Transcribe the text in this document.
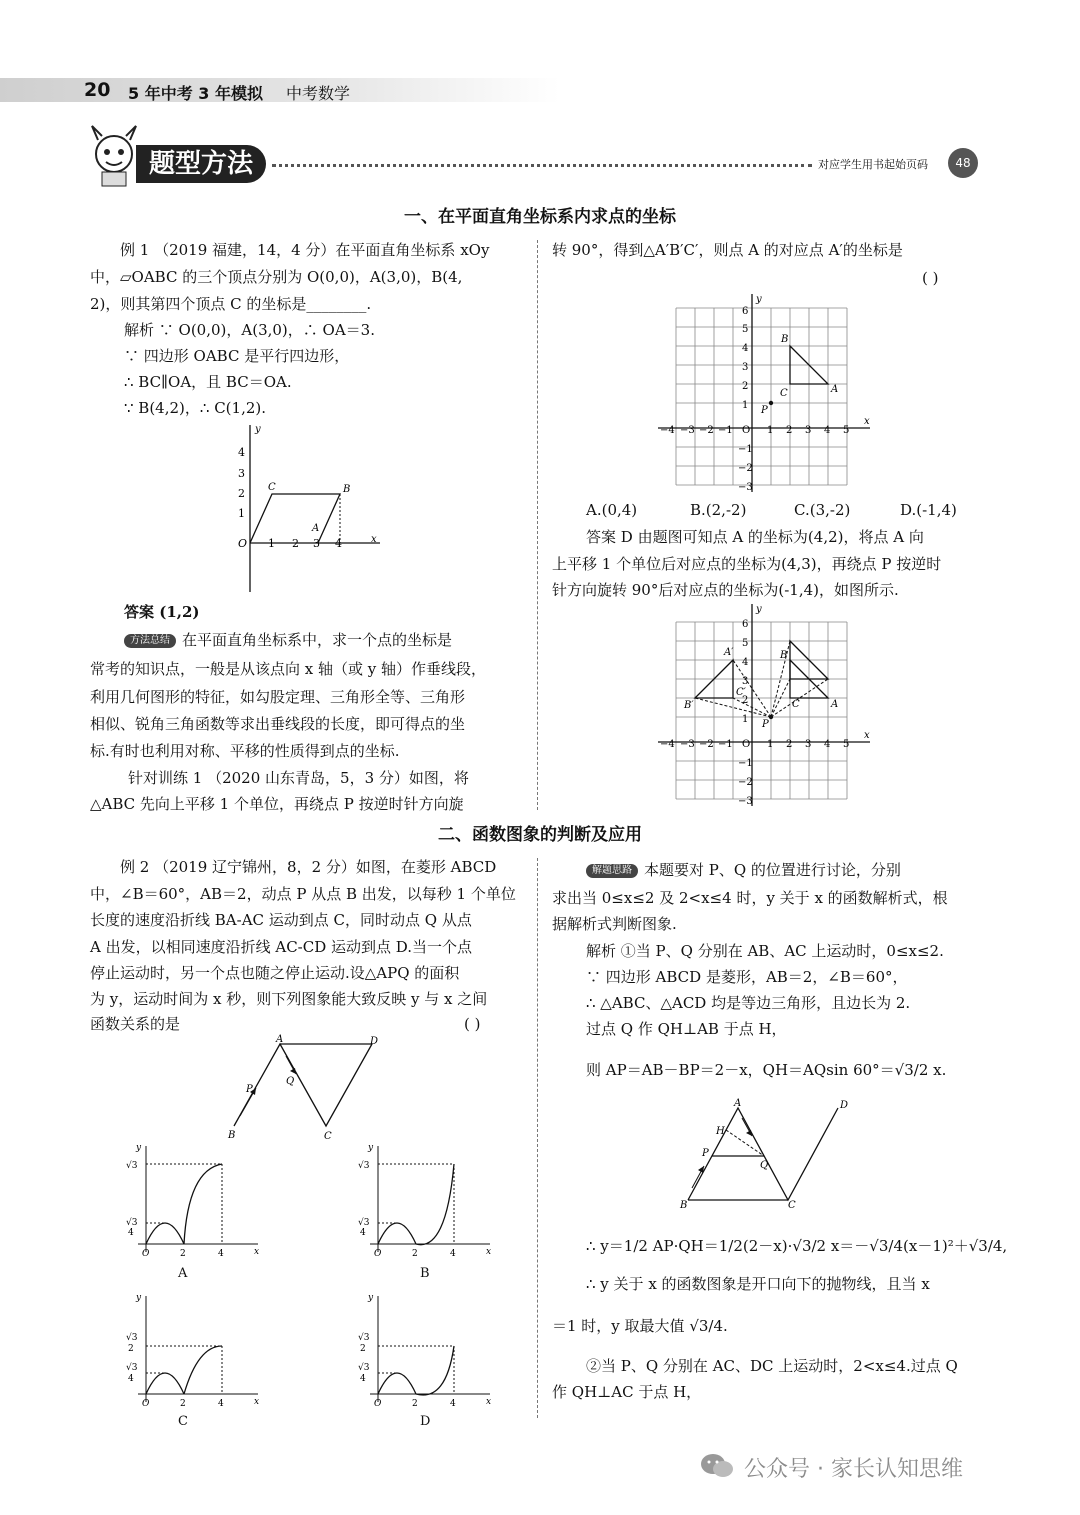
20 5 年中考 3 年模拟 中考数学
题型方法	对应学生用书起始页码	48
一、在平面直角坐标系内求点的坐标
例 1 （2019 福建，14，4 分）在平面直角坐标系 xOy
中，▱OABC 的三个顶点分别为 O(0,0)，A(3,0)，B(4,
2)，则其第四个顶点 C 的坐标是________.
解析 ∵ O(0,0)，A(3,0)，∴ OA＝3.
∵ 四边形 OABC 是平行四边形，
∴ BC∥OA，且 BC＝OA.
∵ B(4,2)，∴ C(1,2).
y
x
4
3
2
1
O 1 2 3 4
C	B
A
答案 (1,2)
方法总结 在平面直角坐标系中，求一个点的坐标是
常考的知识点，一般是从该点向 x 轴（或 y 轴）作垂线段，
利用几何图形的特征，如勾股定理、三角形全等、三角形
相似、锐角三角函数等求出垂线段的长度，即可得点的坐
标.有时也利用对称、平移的性质得到点的坐标.
针对训练 1 （2020 山东青岛，5，3 分）如图，将
△ABC 先向上平移 1 个单位，再绕点 P 按逆时针方向旋
转 90°，得到△A′B′C′，则点 A 的对应点 A′的坐标是
( )
y
x
6
5
4
3
2
1
O
−1
−2
−3
−4 −3 −2 −1	1 2 3 4 5
B
C	A
P
A.(0,4)	B.(2,-2)	C.(3,-2)	D.(-1,4)
答案 D 由题图可知点 A 的坐标为(4,2)，将点 A 向
上平移 1 个单位后对应点的坐标为(4,3)，再绕点 P 按逆时
针方向旋转 90°后对应点的坐标为(-1,4)，如图所示.
y
x
6
5
4
3
2
1
O
−1
−2
−3
−4 −3 −2 −1	1 2 3 4 5
A′
B′
C′
B
A
C
P
二、函数图象的判断及应用
例 2 （2019 辽宁锦州，8，2 分）如图，在菱形 ABCD
中，∠B＝60°，AB＝2，动点 P 从点 B 出发，以每秒 1 个单位
长度的速度沿折线 BA-AC 运动到点 C，同时动点 Q 从点
A 出发，以相同速度沿折线 AC-CD 运动到点 D.当一个点
停止运动时，另一个点也随之停止运动.设△APQ 的面积
为 y，运动时间为 x 秒，则下列图象能大致反映 y 与 x 之间
函数关系的是	( )
A	D
B	C
P
Q
y
x
√3
√3
4
O	2	4
A
y
x
√3
√3
4
O	2	4
B
y
x
√3
2
√3
4
O	2	4
C
y
x
√3
2
√3
4
O	2	4
D
解题思路 本题要对 P、Q 的位置进行讨论，分别
求出当 0≤x≤2 及 2<x≤4 时，y 关于 x 的函数解析式，根
据解析式判断图象.
解析 ①当 P、Q 分别在 AB、AC 上运动时，0≤x≤2.
∵ 四边形 ABCD 是菱形，AB＝2，∠B＝60°，
∴ △ABC、△ACD 均是等边三角形，且边长为 2.
过点 Q 作 QH⊥AB 于点 H，
则 AP＝AB－BP＝2－x，QH＝AQsin 60°＝√3/2 x.
A	D
B	C
P
H
Q
∴ y＝1/2 AP·QH＝1/2(2－x)·√3/2 x＝－√3/4(x－1)²＋√3/4,
∴ y 关于 x 的函数图象是开口向下的抛物线，且当 x
＝1 时，y 取最大值 √3/4.
②当 P、Q 分别在 AC、DC 上运动时，2<x≤4.过点 Q
作 QH⊥AC 于点 H，
公众号 · 家长认知思维
